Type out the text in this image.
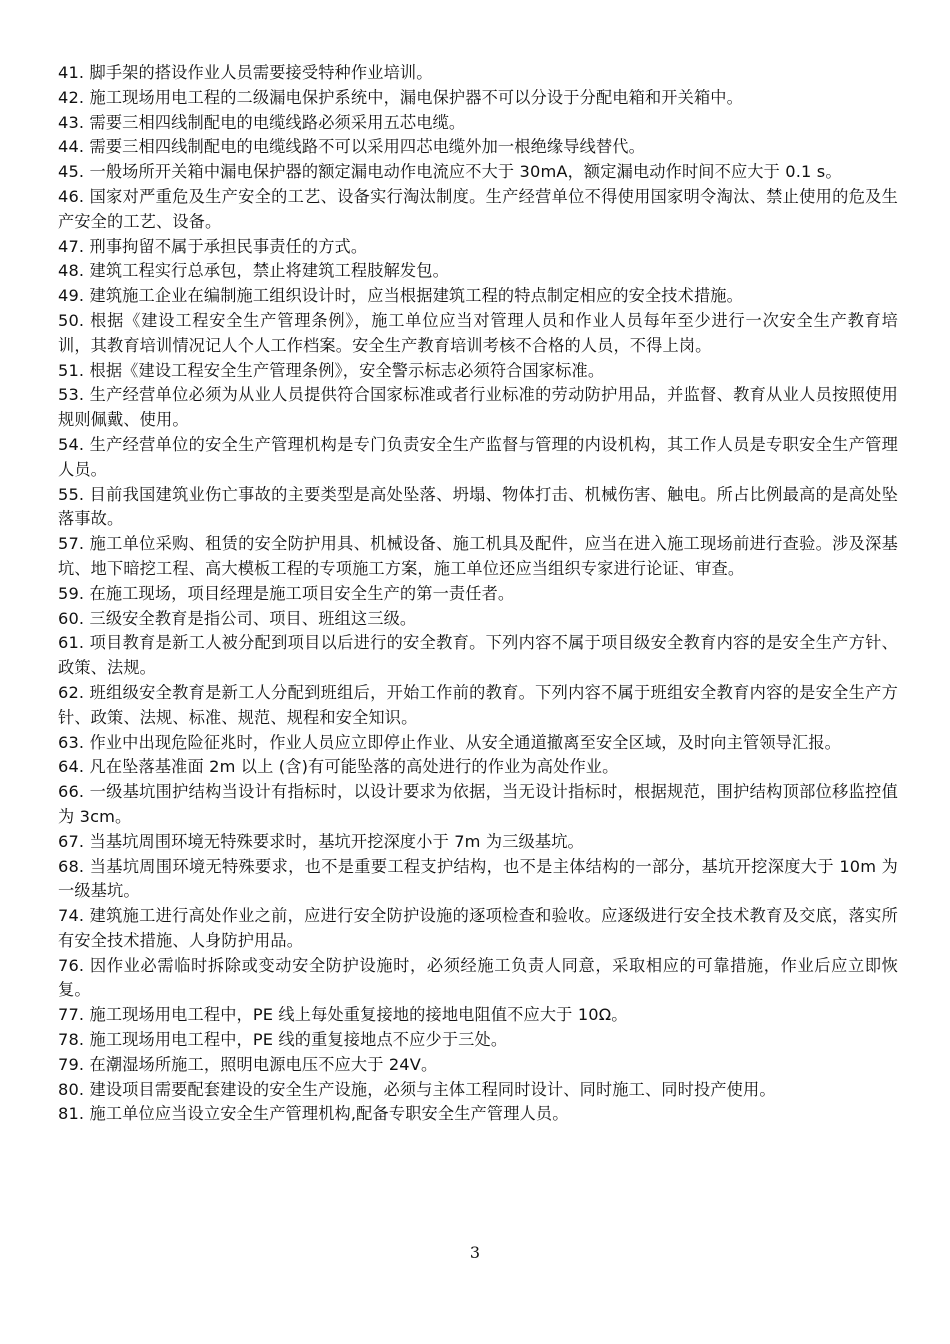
41. 脚手架的搭设作业人员需要接受特种作业培训。

42. 施工现场用电工程的二级漏电保护系统中，漏电保护器不可以分设于分配电箱和开关箱中。

43. 需要三相四线制配电的电缆线路必须采用五芯电缆。

44. 需要三相四线制配电的电缆线路不可以采用四芯电缆外加一根绝缘导线替代。

45. 一般场所开关箱中漏电保护器的额定漏电动作电流应不大于 30mA，额定漏电动作时间不应大于 0.1 s。

46. 国家对严重危及生产安全的工艺、设备实行淘汰制度。生产经营单位不得使用国家明令淘汰、禁止使用的危及生产安全的工艺、设备。

47. 刑事拘留不属于承担民事责任的方式。

48. 建筑工程实行总承包，禁止将建筑工程肢解发包。

49. 建筑施工企业在编制施工组织设计时，应当根据建筑工程的特点制定相应的安全技术措施。

50. 根据《建设工程安全生产管理条例》，施工单位应当对管理人员和作业人员每年至少进行一次安全生产教育培训，其教育培训情况记人个人工作档案。安全生产教育培训考核不合格的人员，不得上岗。

51. 根据《建设工程安全生产管理条例》，安全警示标志必须符合国家标准。

53. 生产经营单位必须为从业人员提供符合国家标准或者行业标准的劳动防护用品，并监督、教育从业人员按照使用规则佩戴、使用。

54. 生产经营单位的安全生产管理机构是专门负责安全生产监督与管理的内设机构，其工作人员是专职安全生产管理人员。

55. 目前我国建筑业伤亡事故的主要类型是高处坠落、坍塌、物体打击、机械伤害、触电。所占比例最高的是高处坠落事故。

57. 施工单位采购、租赁的安全防护用具、机械设备、施工机具及配件，应当在进入施工现场前进行查验。涉及深基坑、地下暗挖工程、高大模板工程的专项施工方案，施工单位还应当组织专家进行论证、审查。

59. 在施工现场，项目经理是施工项目安全生产的第一责任者。

60. 三级安全教育是指公司、项目、班组这三级。

61. 项目教育是新工人被分配到项目以后进行的安全教育。下列内容不属于项目级安全教育内容的是安全生产方针、政策、法规。

62. 班组级安全教育是新工人分配到班组后，开始工作前的教育。下列内容不属于班组安全教育内容的是安全生产方针、政策、法规、标准、规范、规程和安全知识。

63. 作业中出现危险征兆时，作业人员应立即停止作业、从安全通道撤离至安全区域，及时向主管领导汇报。

64. 凡在坠落基准面 2m 以上 (含)有可能坠落的高处进行的作业为高处作业。

66. 一级基坑围护结构当设计有指标时，以设计要求为依据，当无设计指标时，根据规范，围护结构顶部位移监控值为 3cm。

67. 当基坑周围环境无特殊要求时，基坑开挖深度小于 7m 为三级基坑。

68. 当基坑周围环境无特殊要求，也不是重要工程支护结构，也不是主体结构的一部分，基坑开挖深度大于 10m 为一级基坑。

74. 建筑施工进行高处作业之前，应进行安全防护设施的逐项检查和验收。应逐级进行安全技术教育及交底，落实所有安全技术措施、人身防护用品。

76. 因作业必需临时拆除或变动安全防护设施时，必须经施工负责人同意，采取相应的可靠措施，作业后应立即恢复。

77. 施工现场用电工程中，PE 线上每处重复接地的接地电阻值不应大于 10Ω。

78. 施工现场用电工程中，PE 线的重复接地点不应少于三处。

79. 在潮湿场所施工，照明电源电压不应大于 24V。

80. 建设项目需要配套建设的安全生产设施，必须与主体工程同时设计、同时施工、同时投产使用。

81. 施工单位应当设立安全生产管理机构,配备专职安全生产管理人员。

3
